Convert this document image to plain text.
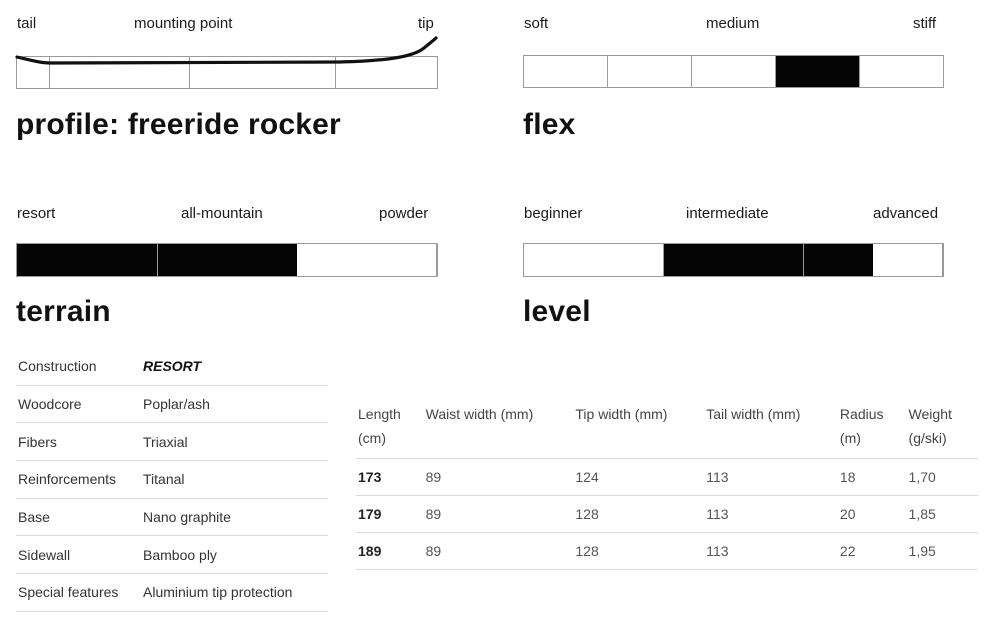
tail	mounting point	tip
profile: freeride rocker
soft	medium	stiff
flex
resort	all-mountain	powder
terrain
beginner	intermediate	advanced
level
Construction	RESORT
Woodcore	Poplar/ash
Fibers	Triaxial
Reinforcements	Titanal
Base	Nano graphite
Sidewall	Bamboo ply
Special features	Aluminium tip protection
Length (cm)	Waist width (mm)	Tip width (mm)	Tail width (mm)	Radius (m)	Weight (g/ski)
173	89	124	113	18	1,70
179	89	128	113	20	1,85
189	89	128	113	22	1,95
